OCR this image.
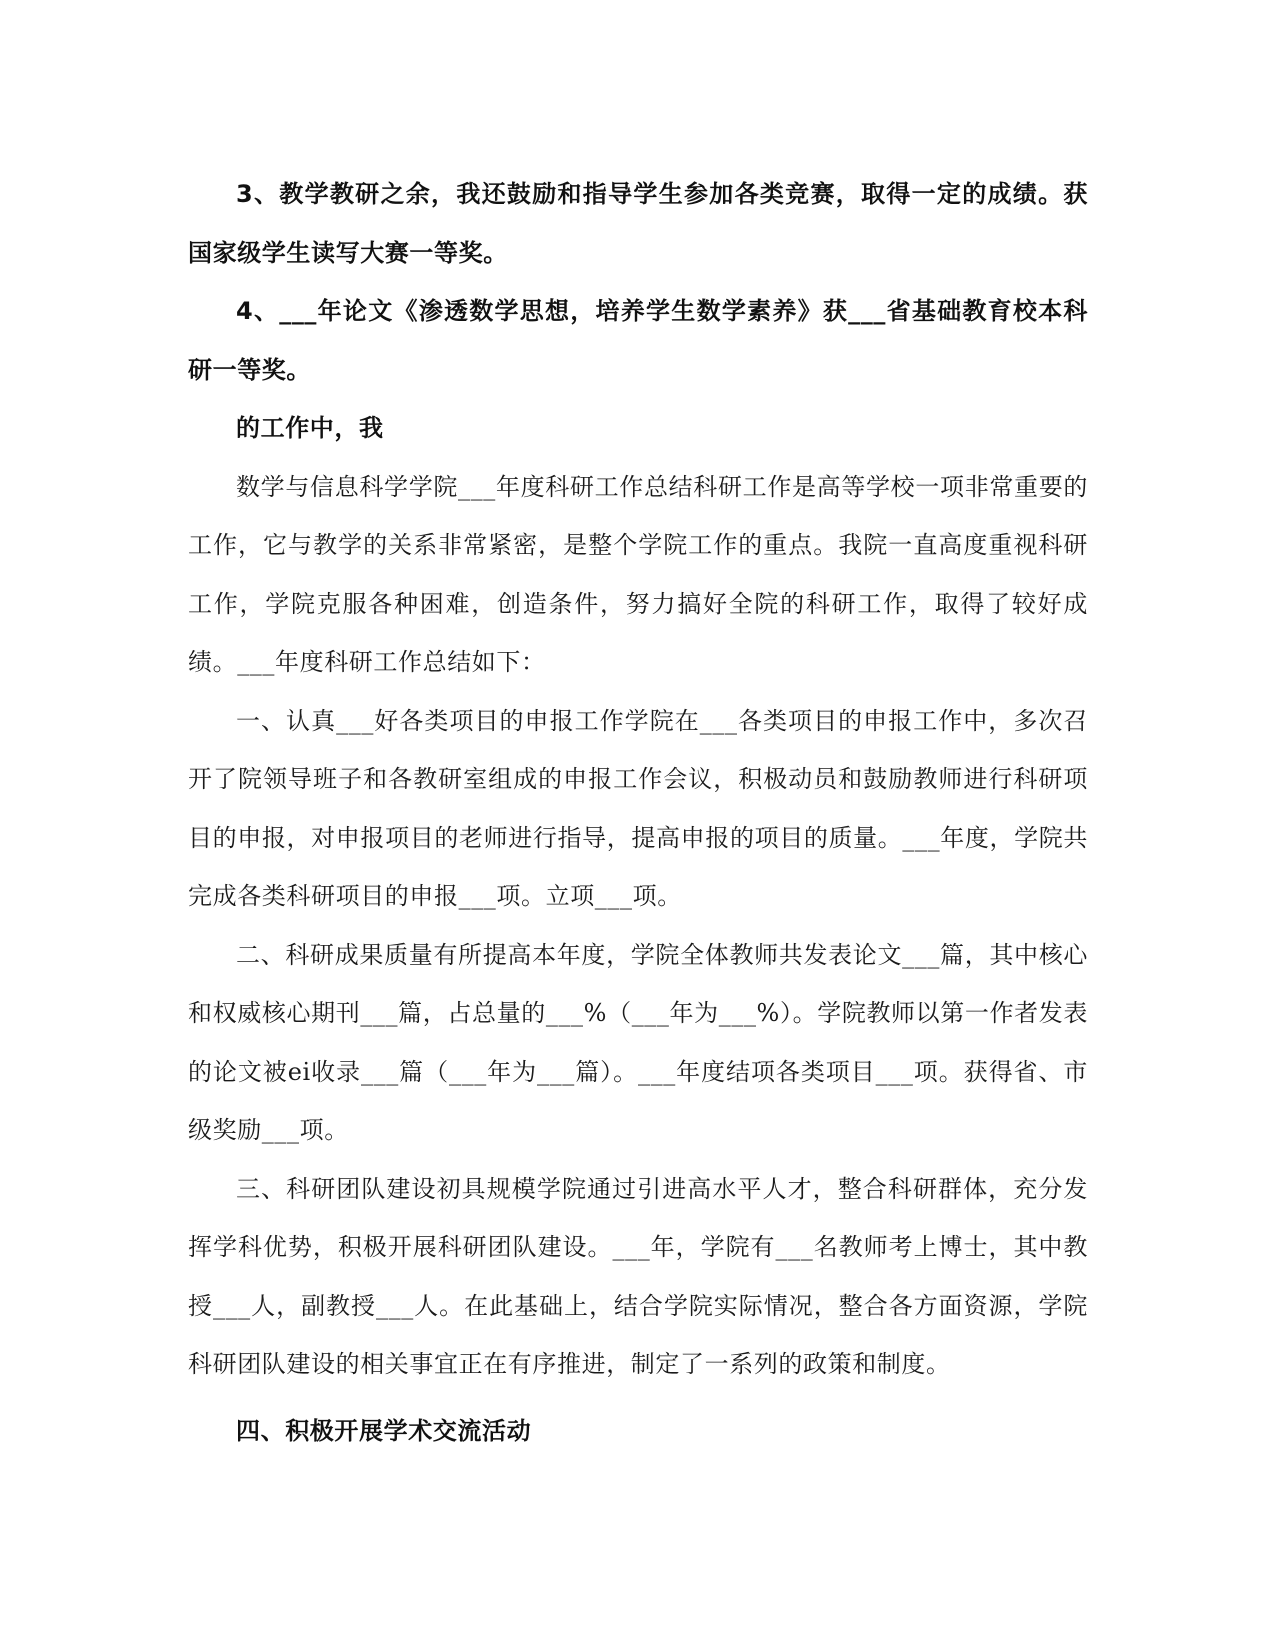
3、教学教研之余，我还鼓励和指导学生参加各类竞赛，取得一定的成绩。获国家级学生读写大赛一等奖。

4、___年论文《渗透数学思想，培养学生数学素养》获___省基础教育校本科研一等奖。

的工作中，我

数学与信息科学学院___年度科研工作总结科研工作是高等学校一项非常重要的工作，它与教学的关系非常紧密，是整个学院工作的重点。我院一直高度重视科研工作，学院克服各种困难，创造条件，努力搞好全院的科研工作，取得了较好成绩。___年度科研工作总结如下：

一、认真___好各类项目的申报工作学院在___各类项目的申报工作中，多次召开了院领导班子和各教研室组成的申报工作会议，积极动员和鼓励教师进行科研项目的申报，对申报项目的老师进行指导，提高申报的项目的质量。___年度，学院共完成各类科研项目的申报___项。立项___项。

二、科研成果质量有所提高本年度，学院全体教师共发表论文___篇，其中核心和权威核心期刊___篇，占总量的___%（___年为___%）。学院教师以第一作者发表的论文被ei收录___篇（___年为___篇）。___年度结项各类项目___项。获得省、市级奖励___项。

三、科研团队建设初具规模学院通过引进高水平人才，整合科研群体，充分发挥学科优势，积极开展科研团队建设。___年，学院有___名教师考上博士，其中教授___人，副教授___人。在此基础上，结合学院实际情况，整合各方面资源，学院科研团队建设的相关事宜正在有序推进，制定了一系列的政策和制度。

四、积极开展学术交流活动
